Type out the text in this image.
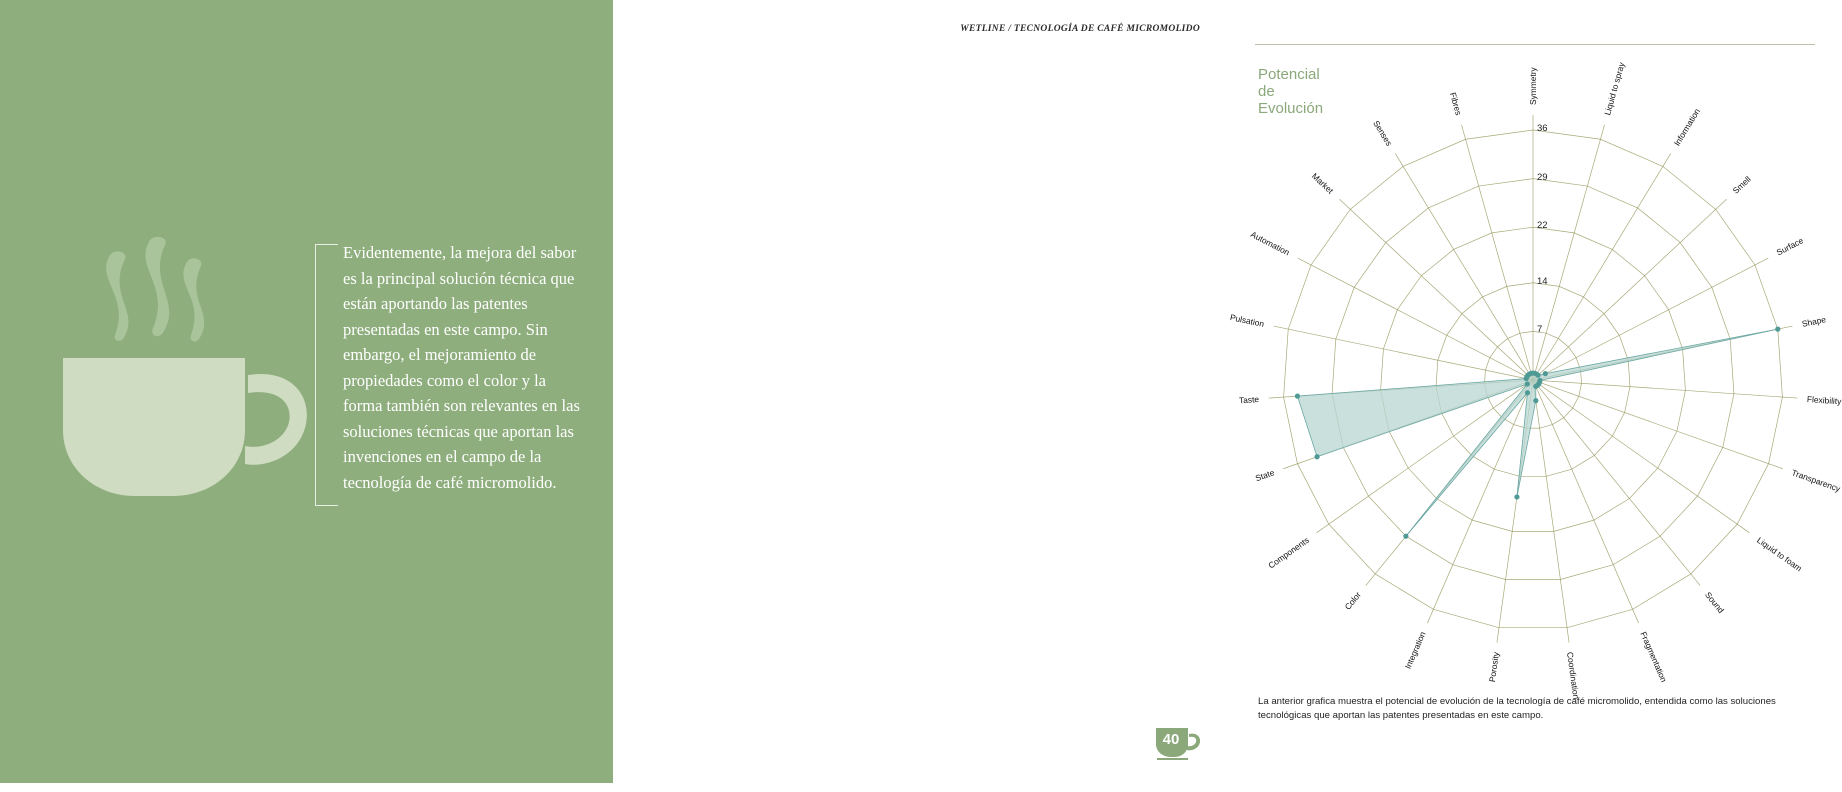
Evidentemente, la mejora del sabor es la principal solución técnica que están aportando las patentes presentadas en este campo. Sin embargo, el mejoramiento de propiedades como el color y la forma también son relevantes en las soluciones técnicas que aportan las invenciones en el campo de la tecnología de café micromolido.
WETLINE / TECNOLOGÍA DE CAFÉ MICROMOLIDO
Potencial de Evolución
Symmetry	Liquid to spray
Information
Smell
Surface
Shape
Flexibility
Transparency
Liquid to foam
Sound
Fragmentation
Coordination
Porosity
Integration
Color
Components
State
Taste
Pulsation
Automation
Market
Senses
Fibres
7
14
22
29
36
La anterior grafica muestra el potencial de evolución de la tecnología de café micromolido, entendida como las soluciones tecnológicas que aportan las patentes presentadas en este campo.
40
